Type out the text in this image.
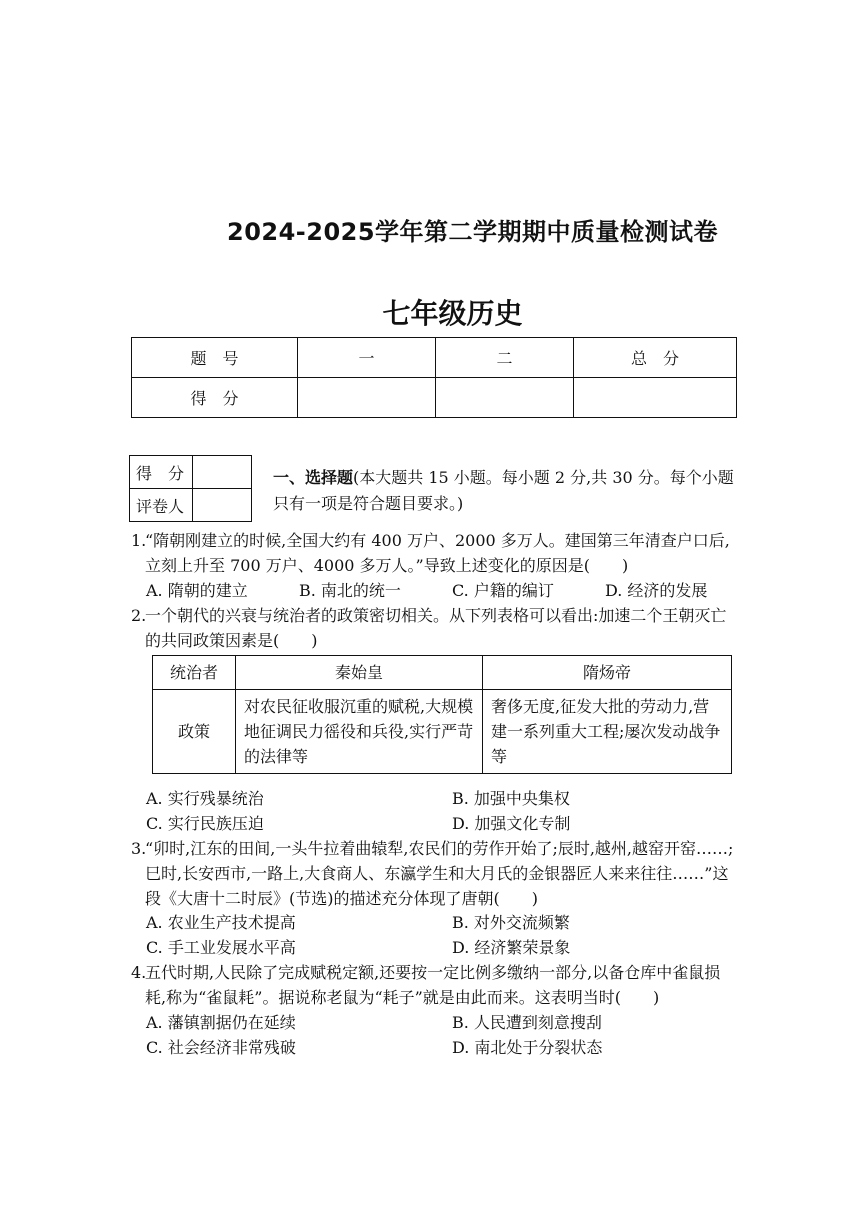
2024-2025学年第二学期期中质量检测试卷
七年级历史
题　号	一	二	总　分
得　分			
得　分	
评卷人	
一、选择题(本大题共 15 小题。每小题 2 分,共 30 分。每个小题只有一项是符合题目要求。)
1.
“隋朝刚建立的时候,全国大约有 400 万户、2000 多万人。建国第三年清查户口后,立刻上升至 700 万户、4000 多万人。”导致上述变化的原因是(　　)
A. 隋朝的建立	B. 南北的统一	C. 户籍的编订	D. 经济的发展
2.
一个朝代的兴衰与统治者的政策密切相关。从下列表格可以看出:加速二个王朝灭亡的共同政策因素是(　　)
统治者	秦始皇	隋炀帝
政策	对农民征收服沉重的赋税,大规模地征调民力徭役和兵役,实行严苛的法律等	奢侈无度,征发大批的劳动力,营建一系列重大工程;屡次发动战争等
A. 实行残暴统治	B. 加强中央集权
C. 实行民族压迫	D. 加强文化专制
3.
“卯时,江东的田间,一头牛拉着曲辕犁,农民们的劳作开始了;辰时,越州,越窑开窑……;巳时,长安西市,一路上,大食商人、东瀛学生和大月氏的金银器匠人来来往往……”这段《大唐十二时辰》(节选)的描述充分体现了唐朝(　　)
A. 农业生产技术提高	B. 对外交流频繁
C. 手工业发展水平高	D. 经济繁荣景象
4.
五代时期,人民除了完成赋税定额,还要按一定比例多缴纳一部分,以备仓库中雀鼠损耗,称为“雀鼠耗”。据说称老鼠为“耗子”就是由此而来。这表明当时(　　)
A. 藩镇割据仍在延续	B. 人民遭到刻意搜刮
C. 社会经济非常残破	D. 南北处于分裂状态
